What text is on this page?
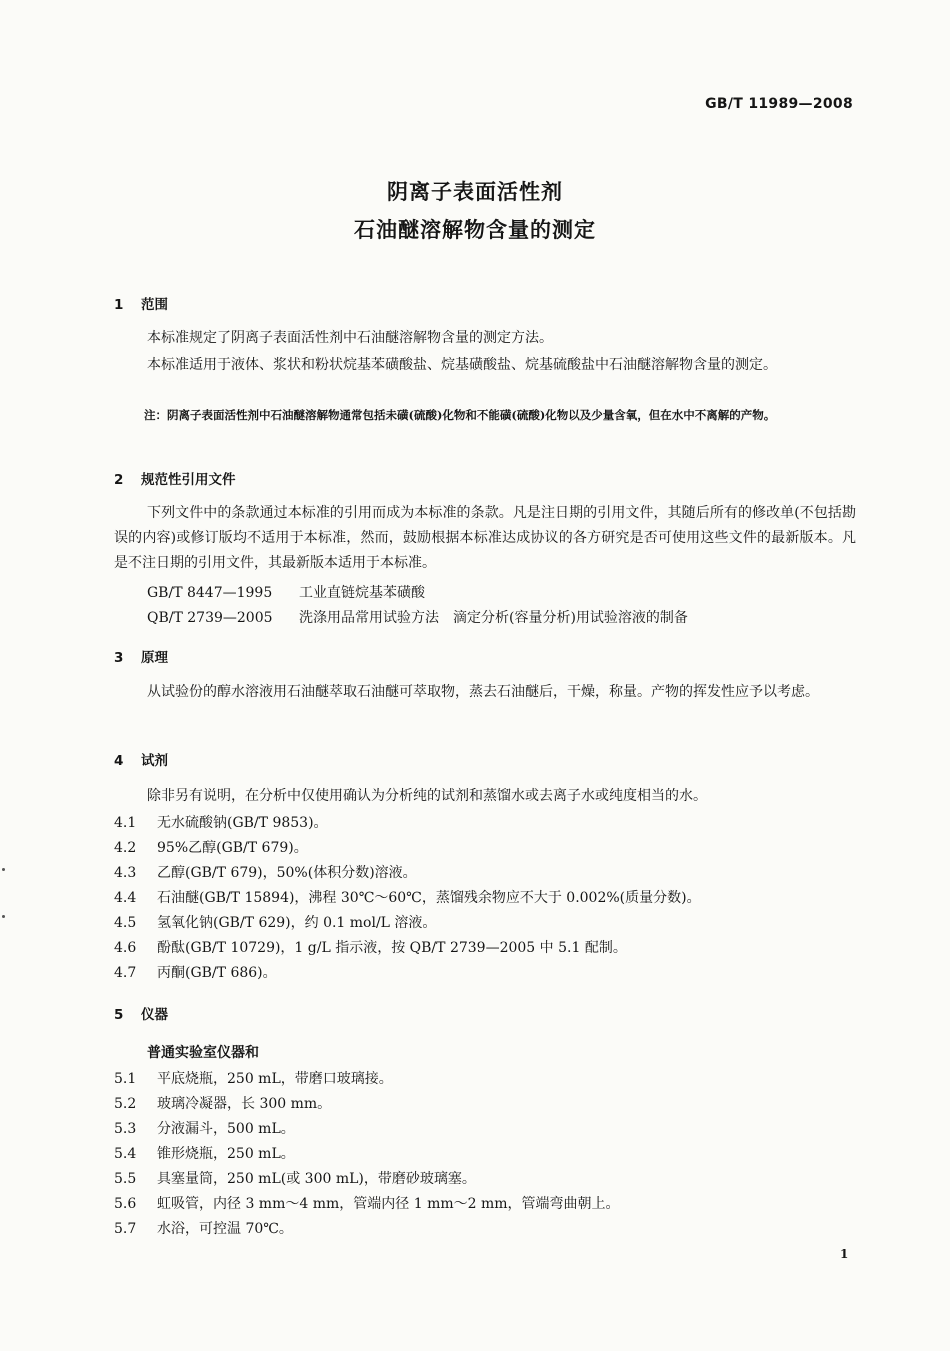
GB/T 11989—2008
阴离子表面活性剂
石油醚溶解物含量的测定
1 范围
本标准规定了阴离子表面活性剂中石油醚溶解物含量的测定方法。
本标准适用于液体、浆状和粉状烷基苯磺酸盐、烷基磺酸盐、烷基硫酸盐中石油醚溶解物含量的测定。
注：阴离子表面活性剂中石油醚溶解物通常包括未磺(硫酸)化物和不能磺(硫酸)化物以及少量含氧，但在水中不离解的产物。
2 规范性引用文件
下列文件中的条款通过本标准的引用而成为本标准的条款。凡是注日期的引用文件，其随后所有的修改单(不包括勘误的内容)或修订版均不适用于本标准，然而，鼓励根据本标准达成协议的各方研究是否可使用这些文件的最新版本。凡是不注日期的引用文件，其最新版本适用于本标准。
GB/T 8447—1995 工业直链烷基苯磺酸
QB/T 2739—2005 洗涤用品常用试验方法　滴定分析(容量分析)用试验溶液的制备
3 原理
从试验份的醇水溶液用石油醚萃取石油醚可萃取物，蒸去石油醚后，干燥，称量。产物的挥发性应予以考虑。
4 试剂
除非另有说明，在分析中仅使用确认为分析纯的试剂和蒸馏水或去离子水或纯度相当的水。
4.1 无水硫酸钠(GB/T 9853)。
4.2 95%乙醇(GB/T 679)。
4.3 乙醇(GB/T 679)，50%(体积分数)溶液。
4.4 石油醚(GB/T 15894)，沸程 30℃～60℃，蒸馏残余物应不大于 0.002%(质量分数)。
4.5 氢氧化钠(GB/T 629)，约 0.1 mol/L 溶液。
4.6 酚酞(GB/T 10729)，1 g/L 指示液，按 QB/T 2739—2005 中 5.1 配制。
4.7 丙酮(GB/T 686)。
5 仪器
普通实验室仪器和
5.1 平底烧瓶，250 mL，带磨口玻璃接。
5.2 玻璃冷凝器，长 300 mm。
5.3 分液漏斗，500 mL。
5.4 锥形烧瓶，250 mL。
5.5 具塞量筒，250 mL(或 300 mL)，带磨砂玻璃塞。
5.6 虹吸管，内径 3 mm～4 mm，管端内径 1 mm～2 mm，管端弯曲朝上。
5.7 水浴，可控温 70℃。
1
